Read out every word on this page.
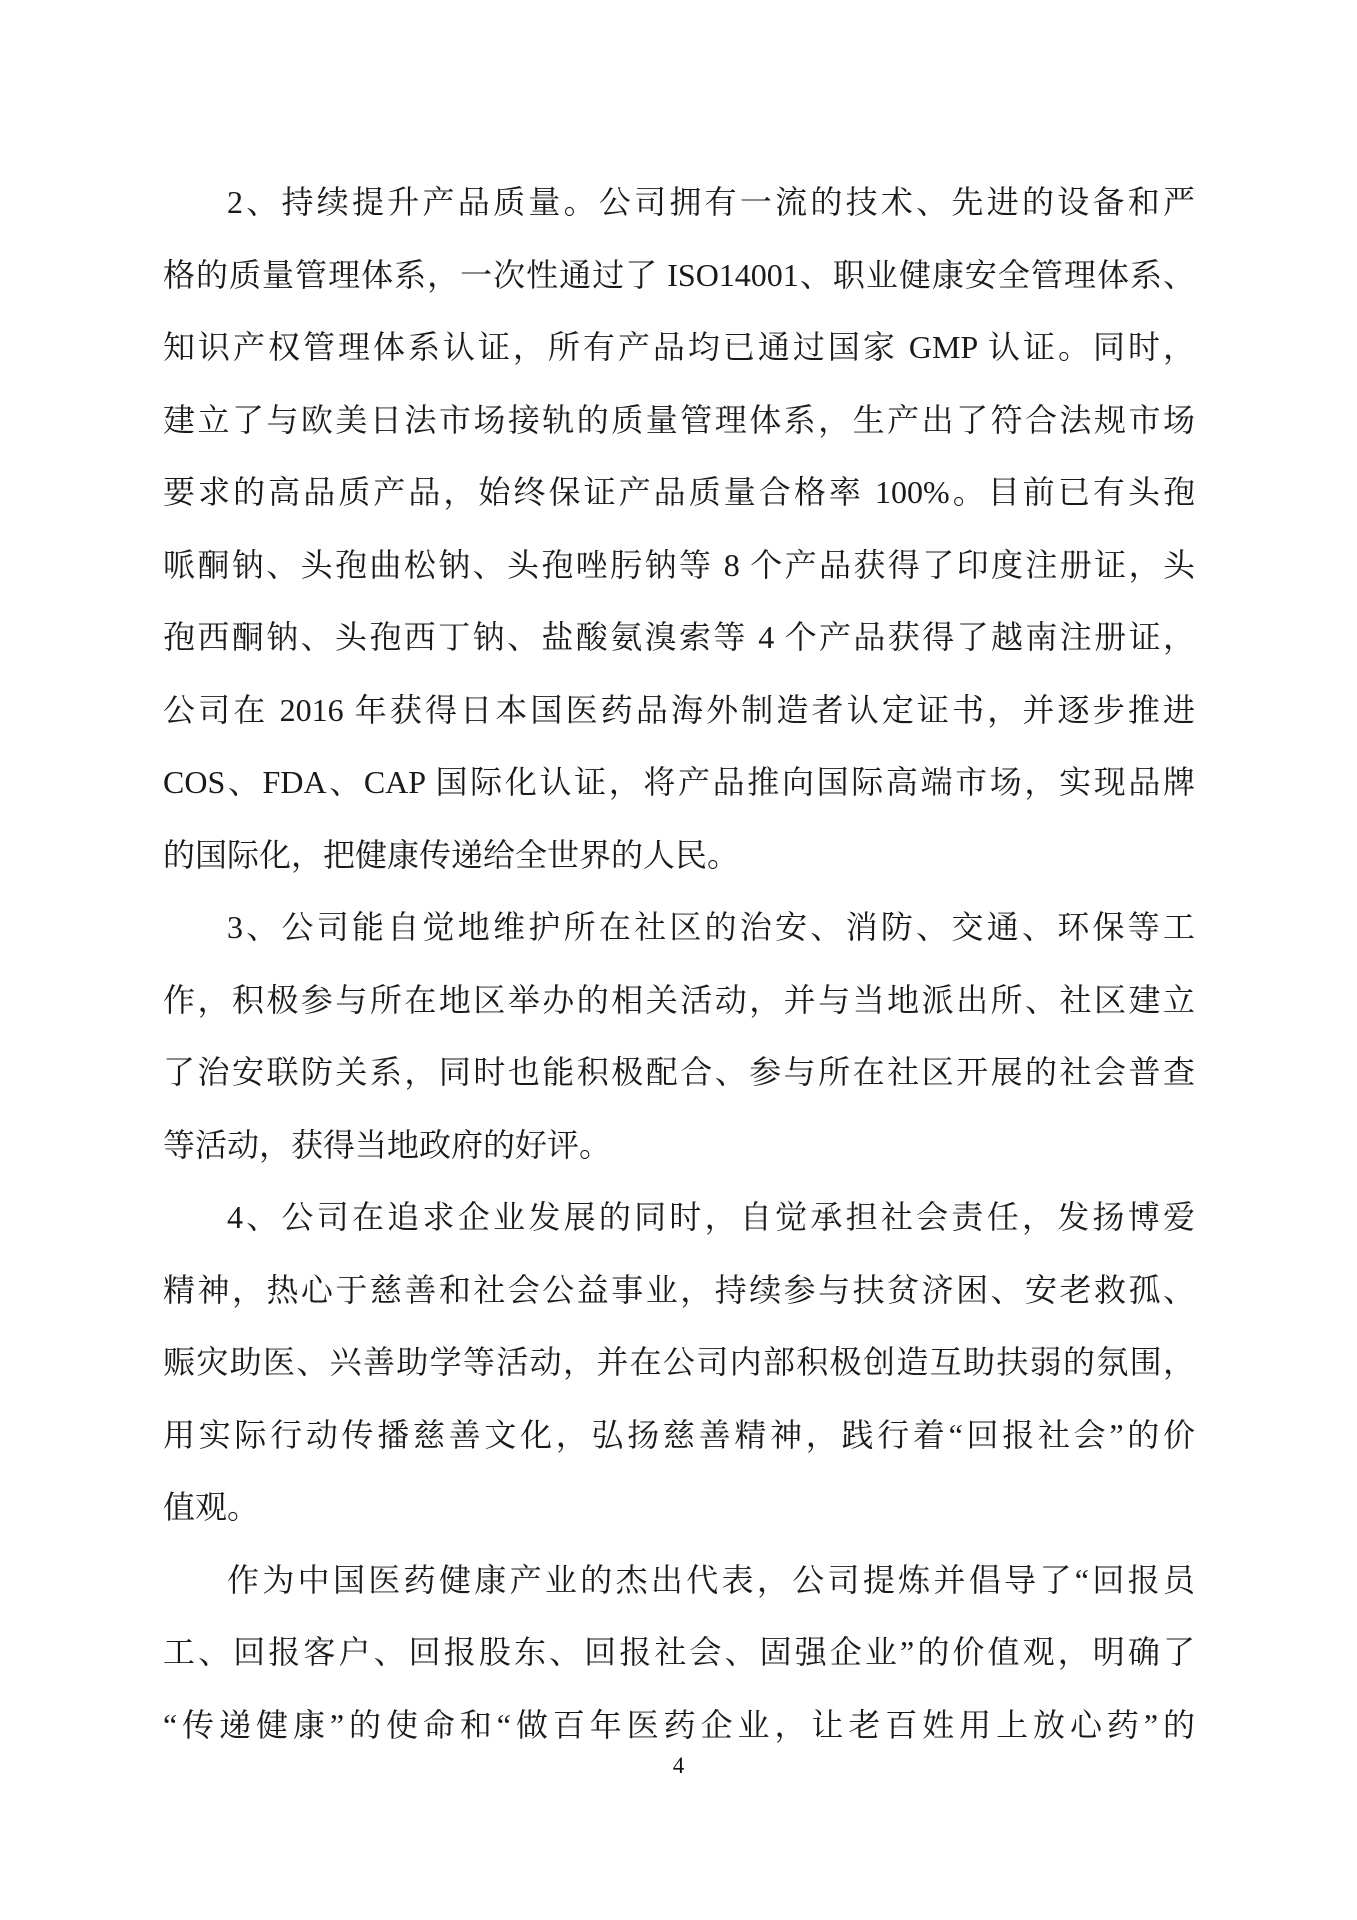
2、持续提升产品质量。公司拥有一流的技术、先进的设备和严
格的质量管理体系，一次性通过了 ISO14001、职业健康安全管理体系、
知识产权管理体系认证，所有产品均已通过国家 GMP 认证。同时，
建立了与欧美日法市场接轨的质量管理体系，生产出了符合法规市场
要求的高品质产品，始终保证产品质量合格率 100%。目前已有头孢
哌酮钠、头孢曲松钠、头孢唑肟钠等 8 个产品获得了印度注册证，头
孢西酮钠、头孢西丁钠、盐酸氨溴索等 4 个产品获得了越南注册证，
公司在 2016 年获得日本国医药品海外制造者认定证书，并逐步推进
COS、FDA、CAP 国际化认证，将产品推向国际高端市场，实现品牌
的国际化，把健康传递给全世界的人民。
3、公司能自觉地维护所在社区的治安、消防、交通、环保等工
作，积极参与所在地区举办的相关活动，并与当地派出所、社区建立
了治安联防关系，同时也能积极配合、参与所在社区开展的社会普查
等活动，获得当地政府的好评。
4、公司在追求企业发展的同时，自觉承担社会责任，发扬博爱
精神，热心于慈善和社会公益事业，持续参与扶贫济困、安老救孤、
赈灾助医、兴善助学等活动，并在公司内部积极创造互助扶弱的氛围，
用实际行动传播慈善文化，弘扬慈善精神，践行着“回报社会”的价
值观。
作为中国医药健康产业的杰出代表，公司提炼并倡导了“回报员
工、回报客户、回报股东、回报社会、固强企业”的价值观，明确了
“传递健康”的使命和“做百年医药企业，让老百姓用上放心药”的
4
